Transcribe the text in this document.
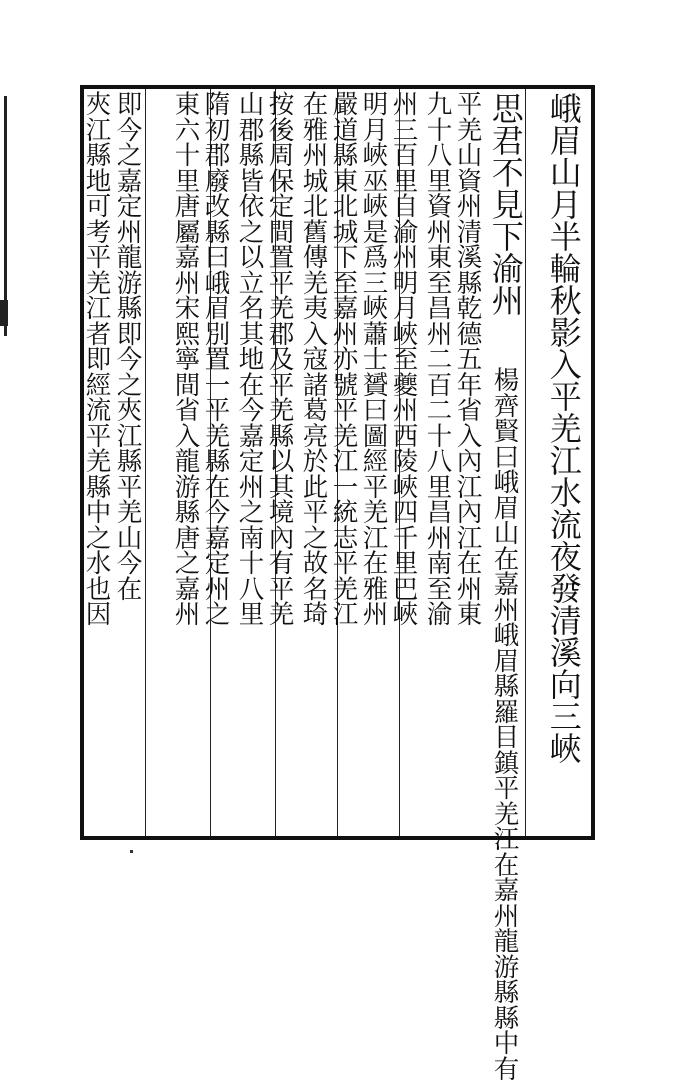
峨眉山月半輪秋影入平羌江水流夜發清溪向三峽
思君不見下渝州
楊齊賢曰峨眉山在嘉州峨眉縣羅目鎮平羌江在嘉州龍游縣縣中有
平羌山資州清溪縣乾德五年省入內江內江在州東
州三百里自渝州明月峽至夔州西陵峽四千里巴峽
嚴道縣東北城下至嘉州亦號平羌江一統志平羌江
按後周保定間置平羌郡及平羌縣以其境內有平羌
隋初郡廢改縣曰峨眉別置一平羌縣在今嘉定州之
即今之嘉定州龍游縣即今之夾江縣平羌山今在
夾江縣地可考平羌江者即經流平羌縣中之水也因
九十八里資州東至昌州二百二十八里昌州南至渝
明月峽巫峽是爲三峽蕭士贇曰圖經平羌江在雅州
在雅州城北舊傳羌夷入寇諸葛亮於此平之故名琦
山郡縣皆依之以立名其地在今嘉定州之南十八里
東六十里唐屬嘉州宋熙寧間省入龍游縣唐之嘉州
